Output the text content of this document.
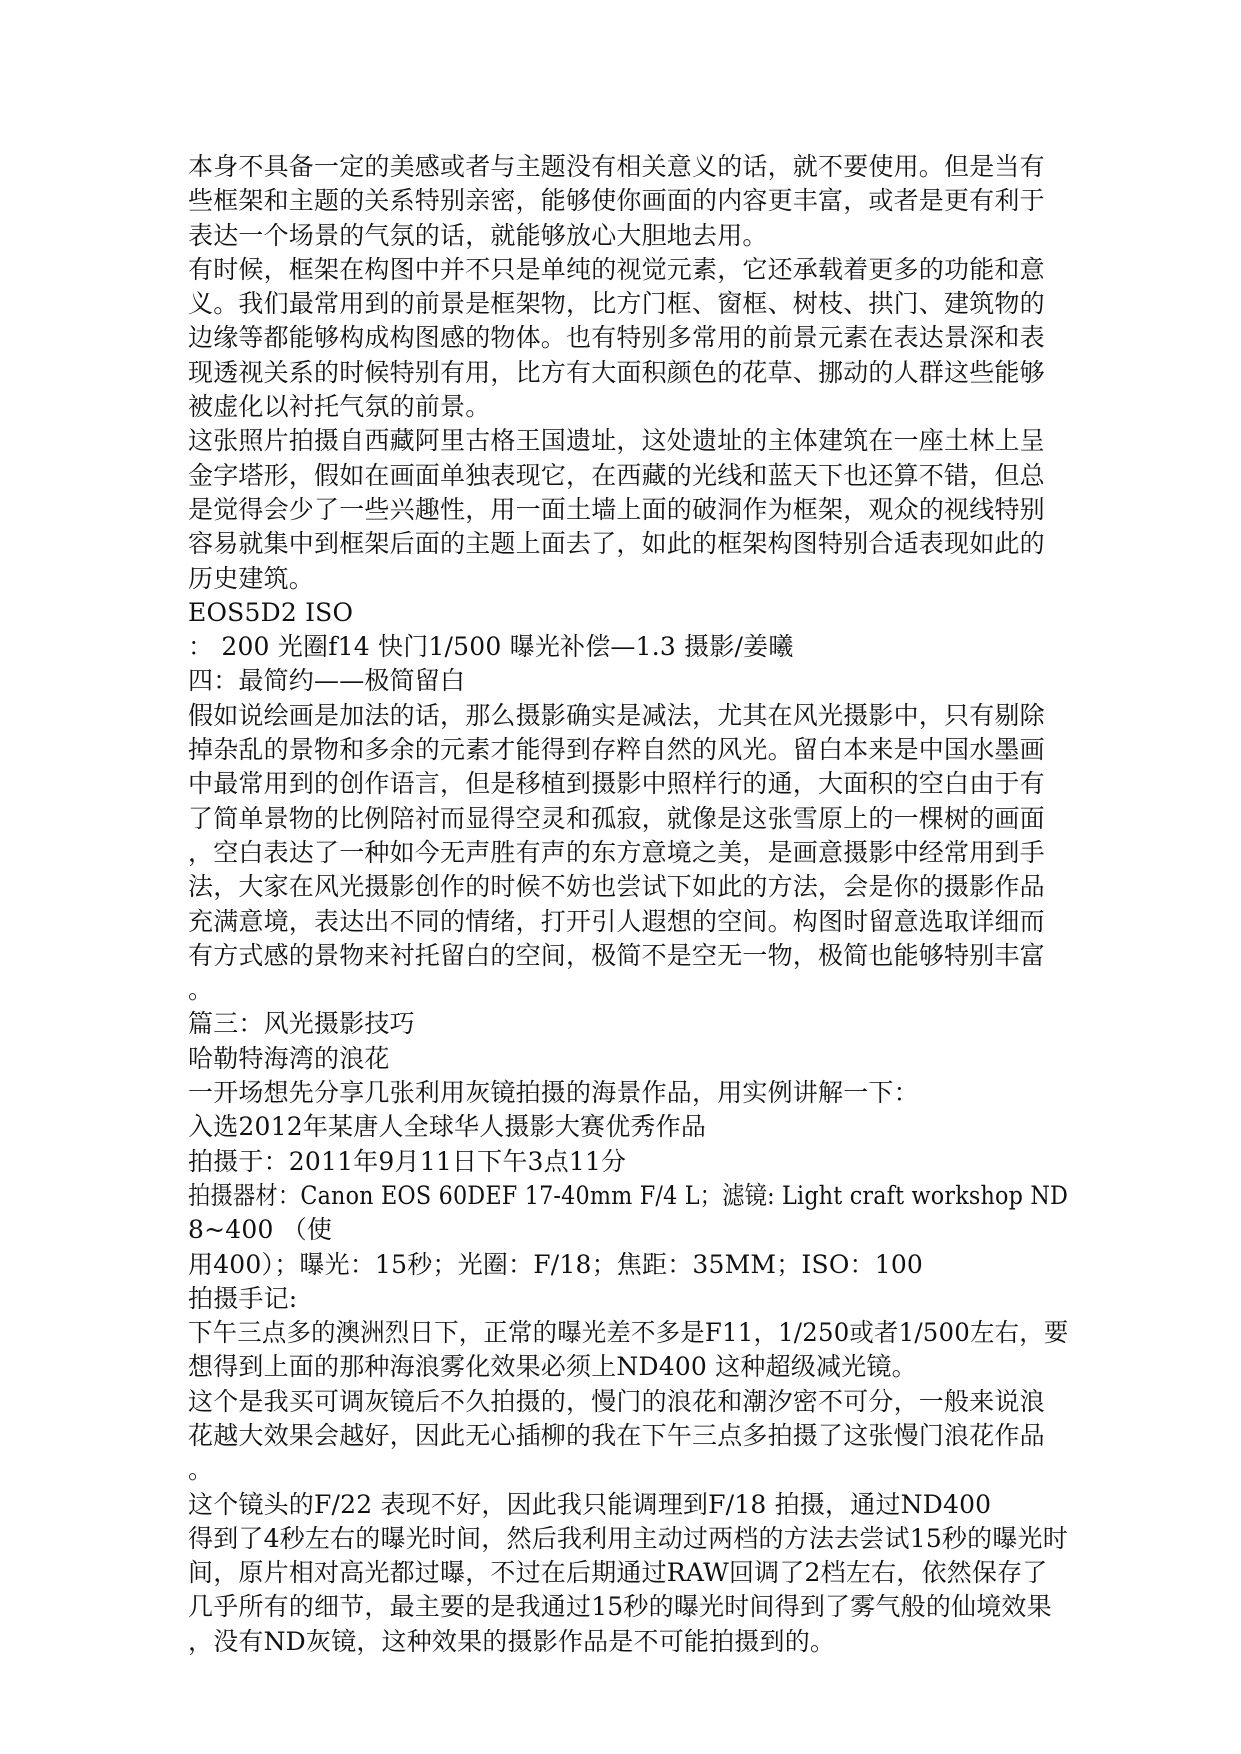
本身不具备一定的美感或者与主题没有相关意义的话，就不要使用。但是当有

些框架和主题的关系特别亲密，能够使你画面的内容更丰富，或者是更有利于

表达一个场景的气氛的话，就能够放心大胆地去用。

有时候，框架在构图中并不只是单纯的视觉元素，它还承载着更多的功能和意

义。我们最常用到的前景是框架物，比方门框、窗框、树枝、拱门、建筑物的

边缘等都能够构成构图感的物体。也有特别多常用的前景元素在表达景深和表

现透视关系的时候特别有用，比方有大面积颜色的花草、挪动的人群这些能够

被虚化以衬托气氛的前景。

这张照片拍摄自西藏阿里古格王国遗址，这处遗址的主体建筑在一座土林上呈

金字塔形，假如在画面单独表现它，在西藏的光线和蓝天下也还算不错，但总

是觉得会少了一些兴趣性，用一面土墙上面的破洞作为框架，观众的视线特别

容易就集中到框架后面的主题上面去了，如此的框架构图特别合适表现如此的

历史建筑。

EOS5D2 ISO

： 200 光圈f14 快门1/500 曝光补偿—1.3 摄影/姜曦

四：最简约——极简留白

假如说绘画是加法的话，那么摄影确实是减法，尤其在风光摄影中，只有剔除

掉杂乱的景物和多余的元素才能得到存粹自然的风光。留白本来是中国水墨画

中最常用到的创作语言，但是移植到摄影中照样行的通，大面积的空白由于有

了简单景物的比例陪衬而显得空灵和孤寂，就像是这张雪原上的一棵树的画面

，空白表达了一种如今无声胜有声的东方意境之美，是画意摄影中经常用到手

法，大家在风光摄影创作的时候不妨也尝试下如此的方法，会是你的摄影作品

充满意境，表达出不同的情绪，打开引人遐想的空间。构图时留意选取详细而

有方式感的景物来衬托留白的空间，极简不是空无一物，极简也能够特别丰富

。

篇三：风光摄影技巧

哈勒特海湾的浪花

一开场想先分享几张利用灰镜拍摄的海景作品，用实例讲解一下：

入选2012年某唐人全球华人摄影大赛优秀作品

拍摄于：2011年9月11日下午3点11分

拍摄器材：Canon EOS 60DEF 17-40mm F/4 L；滤镜: Light craft workshop ND

8~400 （使

用400）；曝光：15秒；光圈：F/18；焦距：35MM；ISO：100

拍摄手记:

下午三点多的澳洲烈日下，正常的曝光差不多是F11，1/250或者1/500左右，要

想得到上面的那种海浪雾化效果必须上ND400 这种超级减光镜。

这个是我买可调灰镜后不久拍摄的，慢门的浪花和潮汐密不可分，一般来说浪

花越大效果会越好，因此无心插柳的我在下午三点多拍摄了这张慢门浪花作品

。

这个镜头的F/22 表现不好，因此我只能调理到F/18 拍摄，通过ND400

得到了4秒左右的曝光时间，然后我利用主动过两档的方法去尝试15秒的曝光时

间，原片相对高光都过曝，不过在后期通过RAW回调了2档左右，依然保存了

几乎所有的细节，最主要的是我通过15秒的曝光时间得到了雾气般的仙境效果

，没有ND灰镜，这种效果的摄影作品是不可能拍摄到的。
